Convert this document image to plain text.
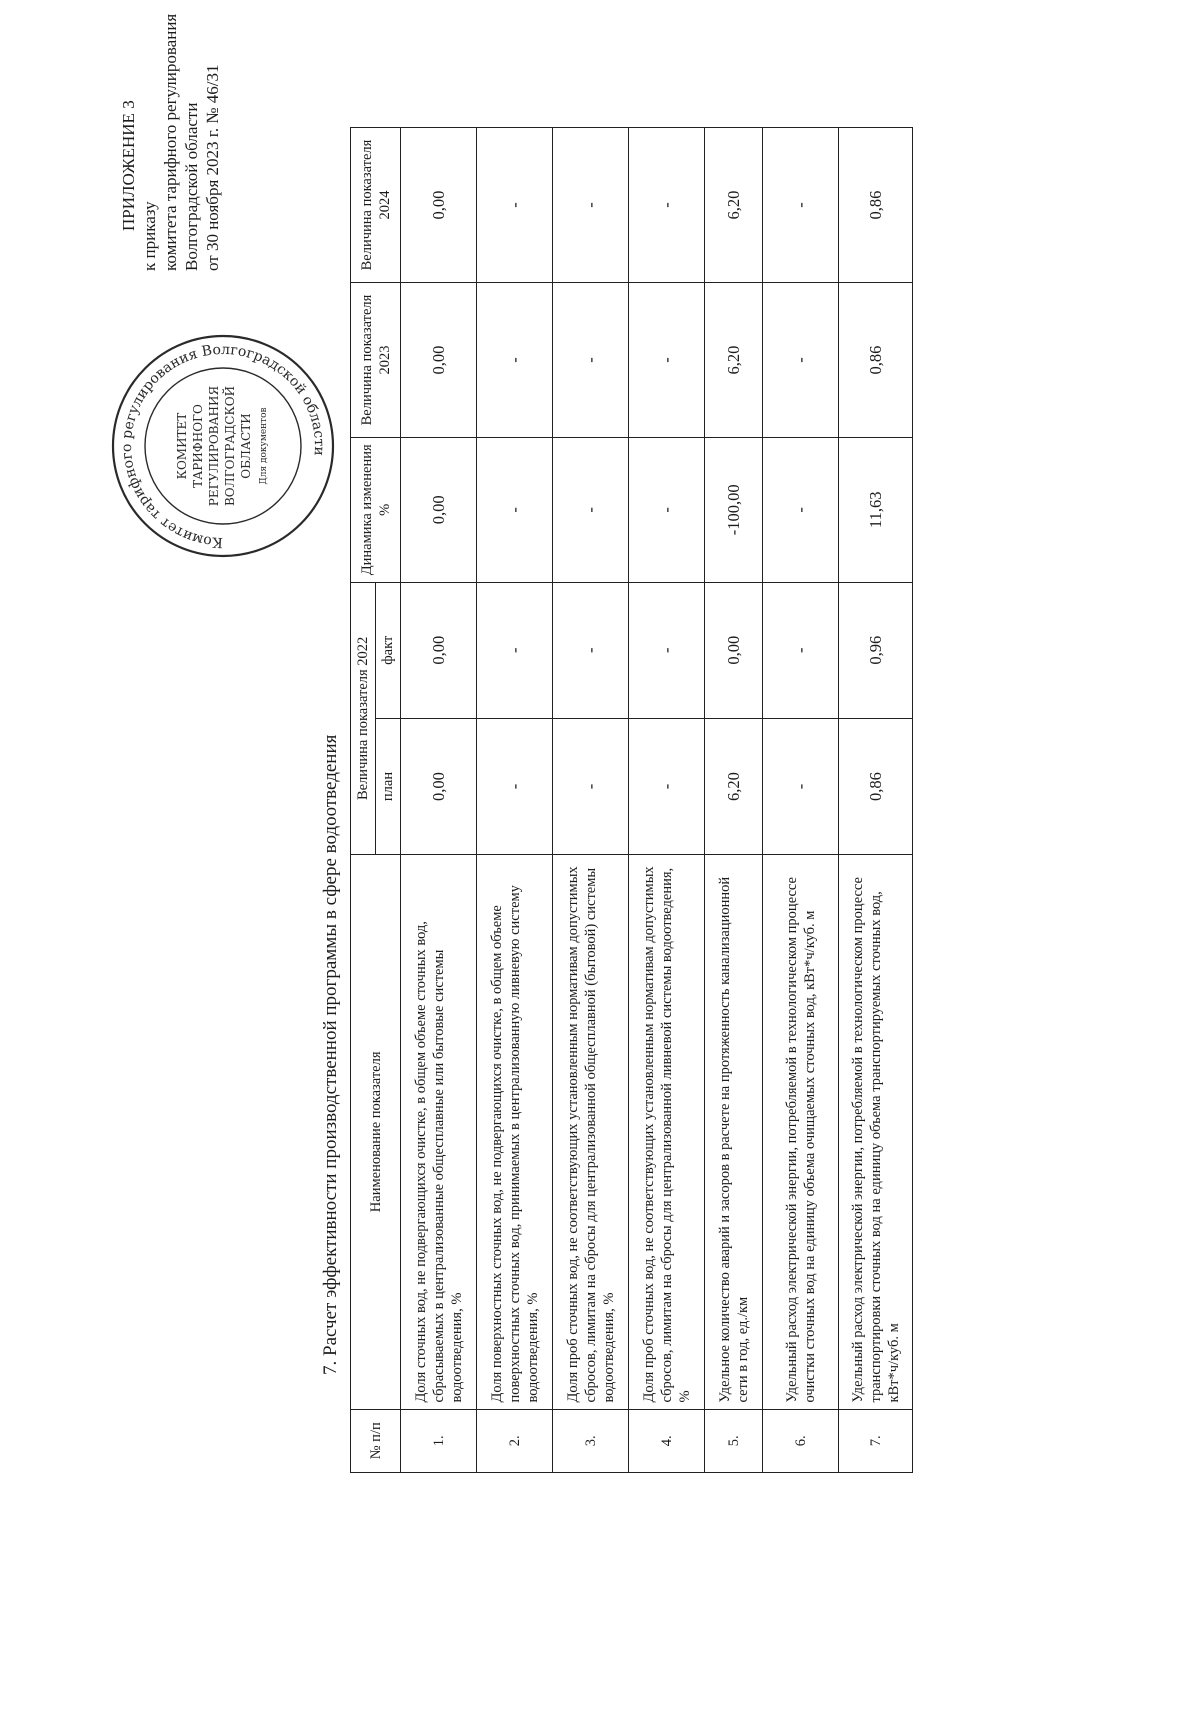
ПРИЛОЖЕНИЕ 3
к приказу комитета тарифного регулирования Волгоградской области от 30 ноября 2023 г. № 46/31
Комитет тарифного регулирования Волгоградской области
КОМИТЕТ ТАРИФНОГО РЕГУЛИРОВАНИЯ ВОЛГОГРАДСКОЙ ОБЛАСТИ Для документов
7. Расчет эффективности производственной программы в сфере водоотведения
№ п/п	Наименование показателя	Величина показателя 2022		Динамика изменения %	Величина показателя 2023	Величина показателя 2024
		план	факт			
1.	Доля сточных вод, не подвергающихся очистке, в общем объеме сточных вод, сбрасываемых в централизованные общесплавные или бытовые системы водоотведения, %	0,00	0,00	0,00	0,00	0,00
2.	Доля поверхностных сточных вод, не подвергающихся очистке, в общем объеме поверхностных сточных вод, принимаемых в централизованную ливневую систему водоотведения, %	-	-	-	-	-
3.	Доля проб сточных вод, не соответствующих установленным нормативам допустимых сбросов, лимитам на сбросы для централизованной общесплавной (бытовой) системы водоотведения, %	-	-	-	-	-
4.	Доля проб сточных вод, не соответствующих установленным нормативам допустимых сбросов, лимитам на сбросы для централизованной ливневой системы водоотведения, %	-	-	-	-	-
5.	Удельное количество аварий и засоров в расчете на протяженность канализационной сети в год, ед./км	6,20	0,00	-100,00	6,20	6,20
6.	Удельный расход электрической энергии, потребляемой в технологическом процессе очистки сточных вод на единицу объема очищаемых сточных вод, кВт*ч/куб. м	-	-	-	-	-
7.	Удельный расход электрической энергии, потребляемой в технологическом процессе транспортировки сточных вод на единицу объема транспортируемых сточных вод, кВт*ч/куб. м	0,86	0,96	11,63	0,86	0,86
